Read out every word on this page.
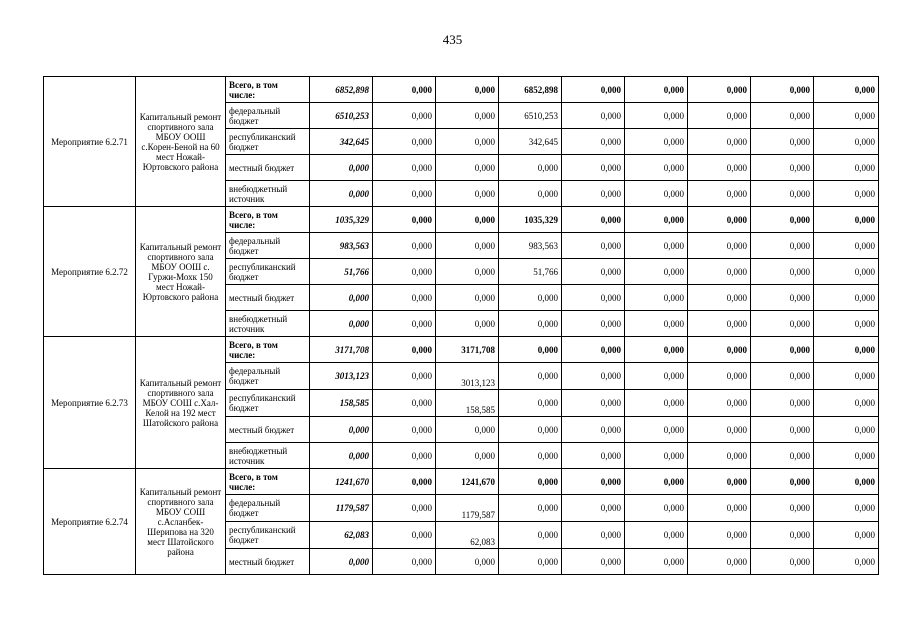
435
Мероприятие 6.2.71	Капитальный ремонт спортивного зала МБОУ ООШ с.Корен-Беной на 60 мест Ножай-Юртовского района	Всего, в том числе:	6852,898	0,000	0,000	6852,898	0,000	0,000	0,000	0,000	0,000
		федеральный бюджет	6510,253	0,000	0,000	6510,253	0,000	0,000	0,000	0,000	0,000
		республиканский бюджет	342,645	0,000	0,000	342,645	0,000	0,000	0,000	0,000	0,000
		местный бюджет	0,000	0,000	0,000	0,000	0,000	0,000	0,000	0,000	0,000
		внебюджетный источник	0,000	0,000	0,000	0,000	0,000	0,000	0,000	0,000	0,000
Мероприятие 6.2.72	Капитальный ремонт спортивного зала МБОУ ООШ с. Гуржи-Мохк 150 мест Ножай-Юртовского района	Всего, в том числе:	1035,329	0,000	0,000	1035,329	0,000	0,000	0,000	0,000	0,000
		федеральный бюджет	983,563	0,000	0,000	983,563	0,000	0,000	0,000	0,000	0,000
		республиканский бюджет	51,766	0,000	0,000	51,766	0,000	0,000	0,000	0,000	0,000
		местный бюджет	0,000	0,000	0,000	0,000	0,000	0,000	0,000	0,000	0,000
		внебюджетный источник	0,000	0,000	0,000	0,000	0,000	0,000	0,000	0,000	0,000
Мероприятие 6.2.73	Капитальный ремонт спортивного зала МБОУ СОШ с.Хал-Келой на 192 мест Шатойского района	Всего, в том числе:	3171,708	0,000	3171,708	0,000	0,000	0,000	0,000	0,000	0,000
		федеральный бюджет	3013,123	0,000	3013,123	0,000	0,000	0,000	0,000	0,000	0,000
		республиканский бюджет	158,585	0,000	158,585	0,000	0,000	0,000	0,000	0,000	0,000
		местный бюджет	0,000	0,000	0,000	0,000	0,000	0,000	0,000	0,000	0,000
		внебюджетный источник	0,000	0,000	0,000	0,000	0,000	0,000	0,000	0,000	0,000
Мероприятие 6.2.74	Капитальный ремонт спортивного зала МБОУ СОШ с.Асланбек-Шерипова на 320 мест Шатойского района	Всего, в том числе:	1241,670	0,000	1241,670	0,000	0,000	0,000	0,000	0,000	0,000
		федеральный бюджет	1179,587	0,000	1179,587	0,000	0,000	0,000	0,000	0,000	0,000
		республиканский бюджет	62,083	0,000	62,083	0,000	0,000	0,000	0,000	0,000	0,000
		местный бюджет	0,000	0,000	0,000	0,000	0,000	0,000	0,000	0,000	0,000
